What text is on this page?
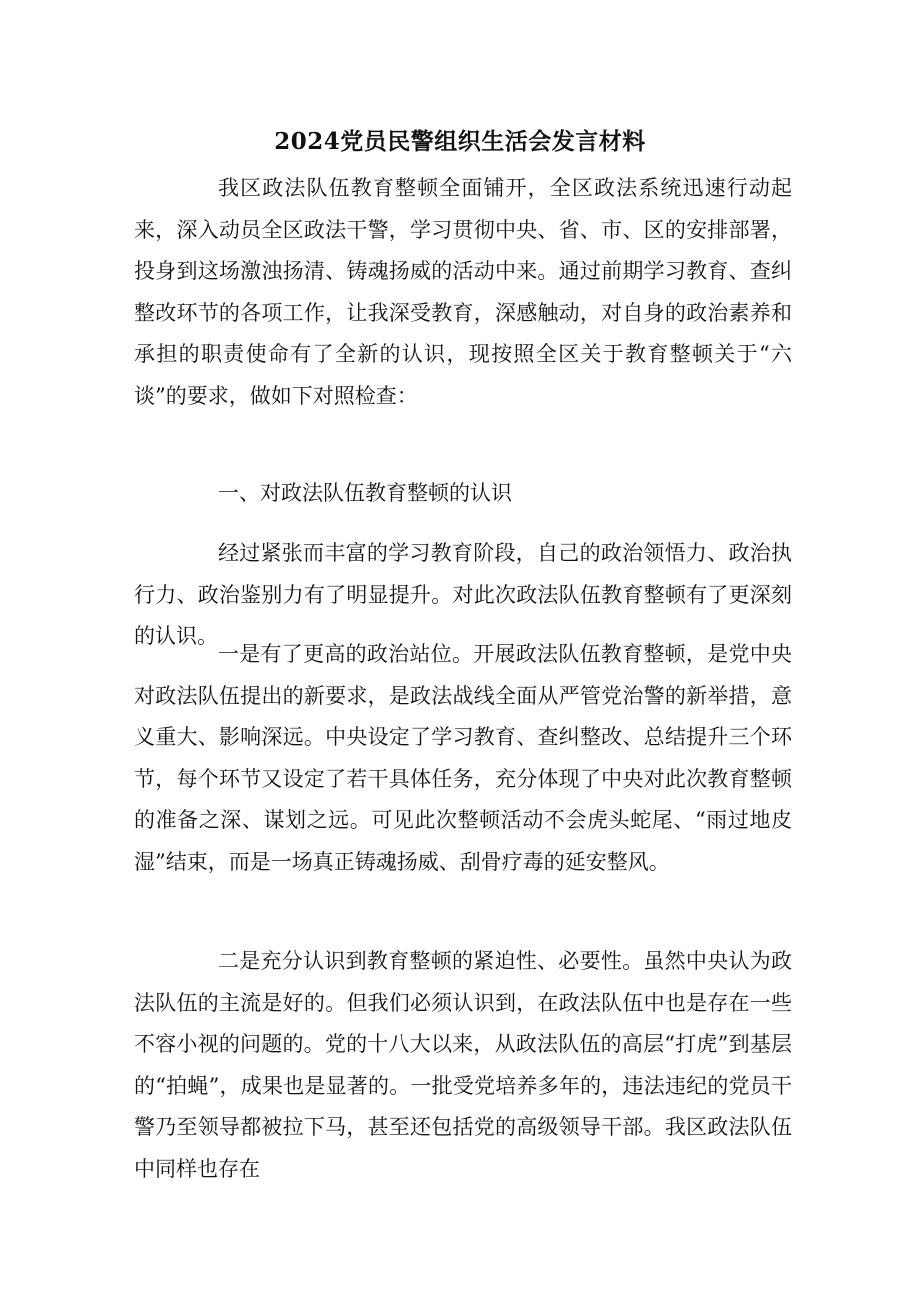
2024党员民警组织生活会发言材料

我区政法队伍教育整顿全面铺开，全区政法系统迅速行动起来，深入动员全区政法干警，学习贯彻中央、省、市、区的安排部署，投身到这场激浊扬清、铸魂扬威的活动中来。通过前期学习教育、查纠整改环节的各项工作，让我深受教育，深感触动，对自身的政治素养和承担的职责使命有了全新的认识，现按照全区关于教育整顿关于“六谈”的要求，做如下对照检查：

一、对政法队伍教育整顿的认识

经过紧张而丰富的学习教育阶段，自己的政治领悟力、政治执行力、政治鉴别力有了明显提升。对此次政法队伍教育整顿有了更深刻的认识。

一是有了更高的政治站位。开展政法队伍教育整顿，是党中央对政法队伍提出的新要求，是政法战线全面从严管党治警的新举措，意义重大、影响深远。中央设定了学习教育、查纠整改、总结提升三个环节，每个环节又设定了若干具体任务，充分体现了中央对此次教育整顿的准备之深、谋划之远。可见此次整顿活动不会虎头蛇尾、“雨过地皮湿”结束，而是一场真正铸魂扬威、刮骨疗毒的延安整风。

二是充分认识到教育整顿的紧迫性、必要性。虽然中央认为政法队伍的主流是好的。但我们必须认识到，在政法队伍中也是存在一些不容小视的问题的。党的十八大以来，从政法队伍的高层“打虎”到基层的“拍蝇”，成果也是显著的。一批受党培养多年的，违法违纪的党员干警乃至领导都被拉下马，甚至还包括党的高级领导干部。我区政法队伍中同样也存在
